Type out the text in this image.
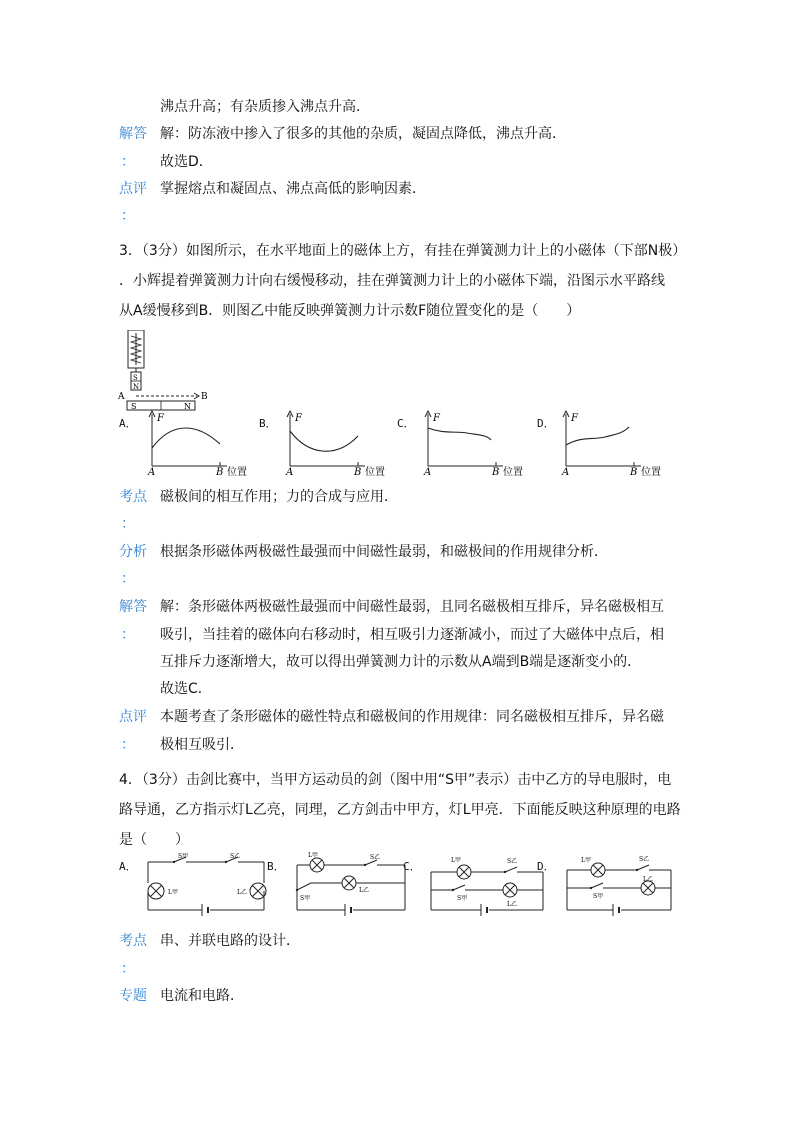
沸点升高；有杂质掺入沸点升高．
解答 解：防冻液中掺入了很多的其他的杂质，凝固点降低，沸点升高．
： 故选D．
点评 掌握熔点和凝固点、沸点高低的影响因素．
：
3．（3分）如图所示，在水平地面上的磁体上方，有挂在弹簧测力计上的小磁体（下部N极）
．小辉提着弹簧测力计向右缓慢移动，挂在弹簧测力计上的小磁体下端，沿图示水平路线
从A缓慢移到B．则图乙中能反映弹簧测力计示数F随位置变化的是（　　）
S
N
A	B
S	N
A．	B．	C．	D．
F
A	B 位置
F
A	B 位置
F
A	B 位置
F
A	B 位置
考点 磁极间的相互作用；力的合成与应用．
：
分析 根据条形磁体两极磁性最强而中间磁性最弱，和磁极间的作用规律分析．
：
解答 解：条形磁体两极磁性最强而中间磁性最弱，且同名磁极相互排斥，异名磁极相互
： 吸引，当挂着的磁体向右移动时，相互吸引力逐渐减小，而过了大磁体中点后，相
互排斥力逐渐增大，故可以得出弹簧测力计的示数从A端到B端是逐渐变小的．
故选C．
点评 本题考查了条形磁体的磁性特点和磁极间的作用规律：同名磁极相互排斥，异名磁
： 极相互吸引．
4．（3分）击剑比赛中，当甲方运动员的剑（图中用“S甲”表示）击中乙方的导电服时，电
路导通，乙方指示灯L乙亮，同理，乙方剑击中甲方，灯L甲亮．下面能反映这种原理的电路
是（　　）
A．	B．	C．	D．
S甲	S乙
L甲	L乙
L甲	S乙
L乙
S甲
L甲	S乙
S甲
L乙
L甲	S乙
S甲
L乙
考点 串、并联电路的设计．
：
专题 电流和电路．
